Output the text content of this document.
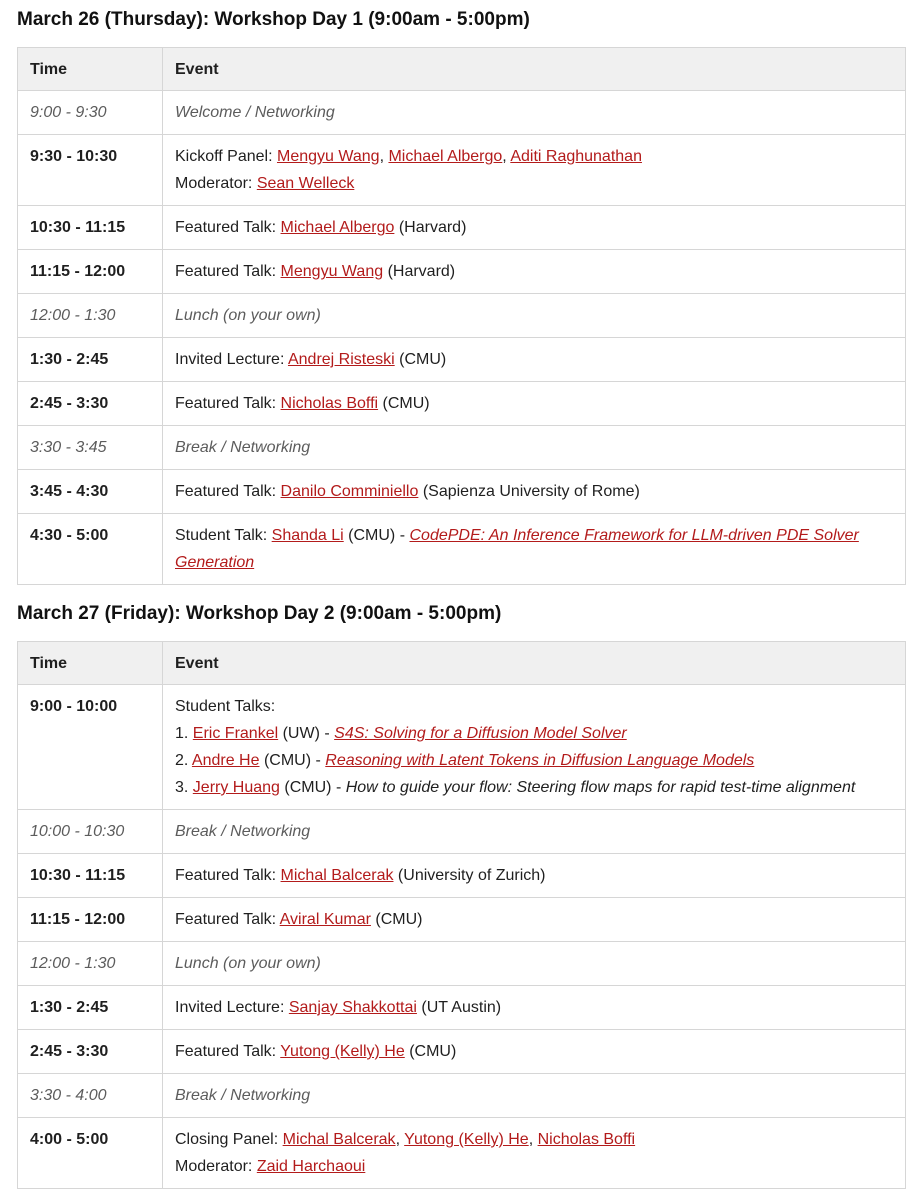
March 26 (Thursday): Workshop Day 1 (9:00am - 5:00pm)
Time	Event
9:00 - 9:30	Welcome / Networking

9:30 - 10:30	Kickoff Panel: Mengyu Wang, Michael Albergo, Aditi Raghunathan
Moderator: Sean Welleck

10:30 - 11:15	Featured Talk: Michael Albergo (Harvard)

11:15 - 12:00	Featured Talk: Mengyu Wang (Harvard)

12:00 - 1:30	Lunch (on your own)

1:30 - 2:45	Invited Lecture: Andrej Risteski (CMU)

2:45 - 3:30	Featured Talk: Nicholas Boffi (CMU)

3:30 - 3:45	Break / Networking

3:45 - 4:30	Featured Talk: Danilo Comminiello (Sapienza University of Rome)

4:30 - 5:00	Student Talk: Shanda Li (CMU) - CodePDE: An Inference Framework for LLM-driven PDE Solver Generation
March 27 (Friday): Workshop Day 2 (9:00am - 5:00pm)
Time	Event
9:00 - 10:00	Student Talks:
1. Eric Frankel (UW) - S4S: Solving for a Diffusion Model Solver
2. Andre He (CMU) - Reasoning with Latent Tokens in Diffusion Language Models
3. Jerry Huang (CMU) - How to guide your flow: Steering flow maps for rapid test-time alignment

10:00 - 10:30	Break / Networking

10:30 - 11:15	Featured Talk: Michal Balcerak (University of Zurich)

11:15 - 12:00	Featured Talk: Aviral Kumar (CMU)

12:00 - 1:30	Lunch (on your own)

1:30 - 2:45	Invited Lecture: Sanjay Shakkottai (UT Austin)

2:45 - 3:30	Featured Talk: Yutong (Kelly) He (CMU)

3:30 - 4:00	Break / Networking

4:00 - 5:00	Closing Panel: Michal Balcerak, Yutong (Kelly) He, Nicholas Boffi
Moderator: Zaid Harchaoui
